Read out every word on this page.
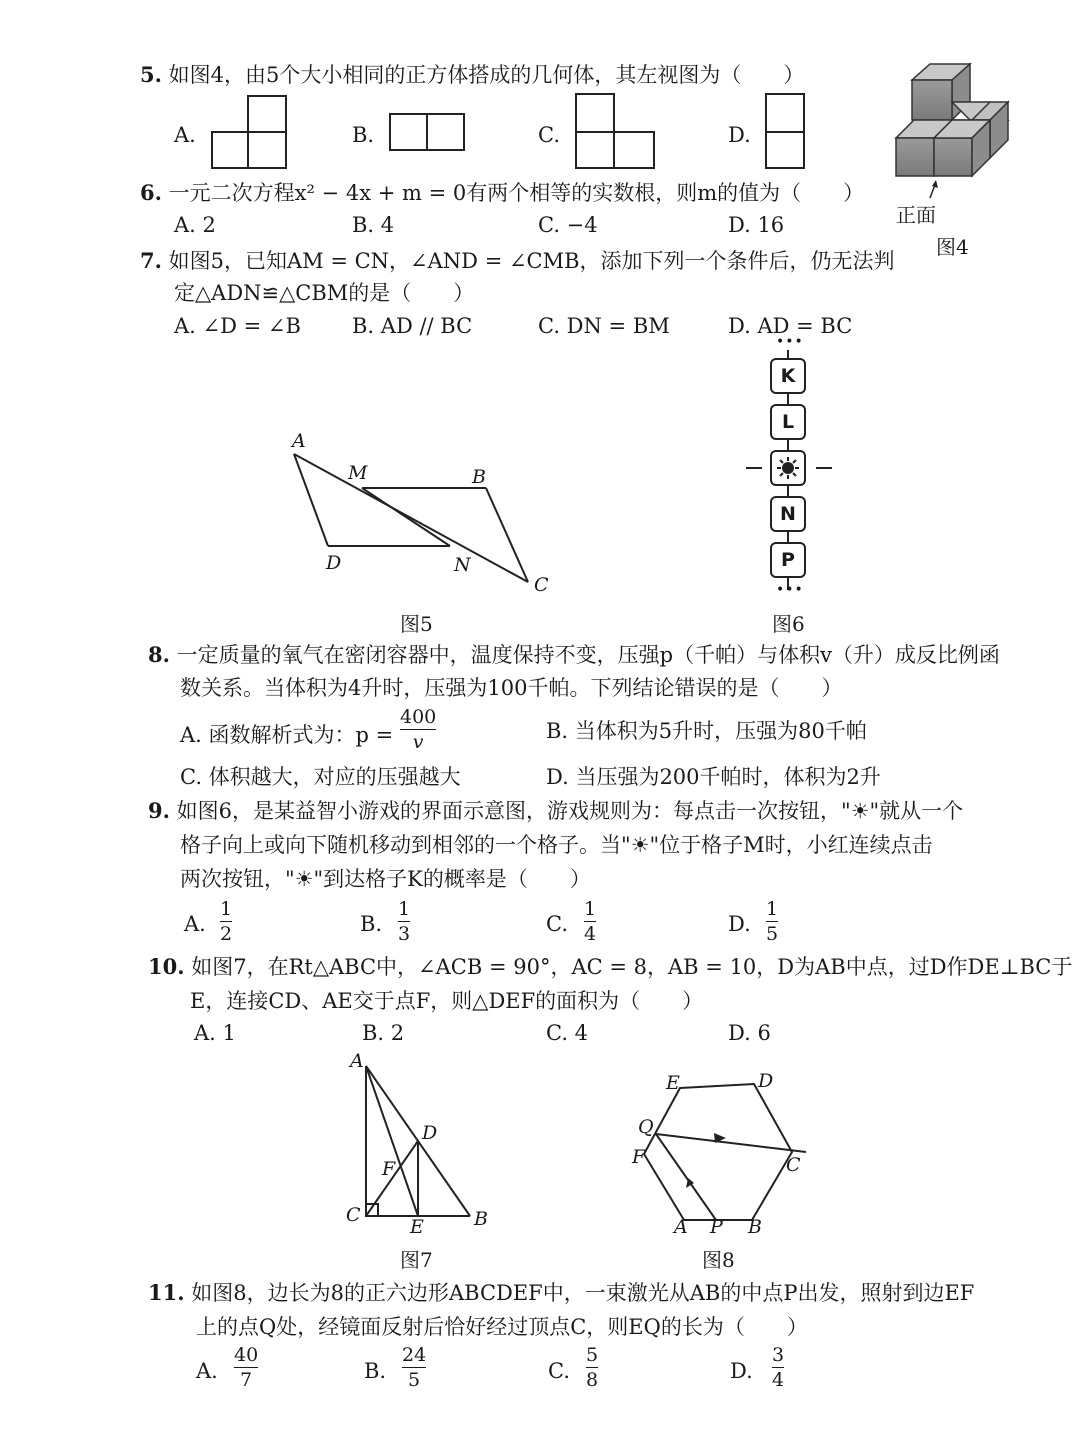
5. 如图4，由5个大小相同的正方体搭成的几何体，其左视图为（　　）
A.	B.	C.	D.
正面
图4
6. 一元二次方程x² − 4x + m = 0有两个相等的实数根，则m的值为（　　）
A. 2	B. 4	C. −4	D. 16
7. 如图5，已知AM = CN，∠AND = ∠CMB，添加下列一个条件后，仍无法判
定△ADN≌△CBM的是（　　）
A. ∠D = ∠B B. AD // BC	C. DN = BM	D. AD = BC
A
M	B
D	N
C
图5
•••
K
L
N
P
•••
图6
8. 一定质量的氧气在密闭容器中，温度保持不变，压强p（千帕）与体积v（升）成反比例函
数关系。当体积为4升时，压强为100千帕。下列结论错误的是（　　）
A. 函数解析式为：p =
400
v	B. 当体积为5升时，压强为80千帕
C. 体积越大，对应的压强越大	D. 当压强为200千帕时，体积为2升
9. 如图6，是某益智小游戏的界面示意图，游戏规则为：每点击一次按钮，"☀"就从一个
格子向上或向下随机移动到相邻的一个格子。当"☀"位于格子M时，小红连续点击
两次按钮，"☀"到达格子K的概率是（　　）
A.
1
2	B.
1
3	C.
1
4	D.
1
5
10. 如图7，在Rt△ABC中，∠ACB = 90°，AC = 8，AB = 10，D为AB中点，过D作DE⊥BC于
E，连接CD、AE交于点F，则△DEF的面积为（　　）
A. 1	B. 2	C. 4	D. 6
A
D
F
C
E	B
图7
E	D
Q
F	C
A P B
图8
11. 如图8，边长为8的正六边形ABCDEF中，一束激光从AB的中点P出发，照射到边EF
上的点Q处，经镜面反射后恰好经过顶点C，则EQ的长为（　　）
A.
40
7	B.
24
5	C.
5
8	D.
3
4
